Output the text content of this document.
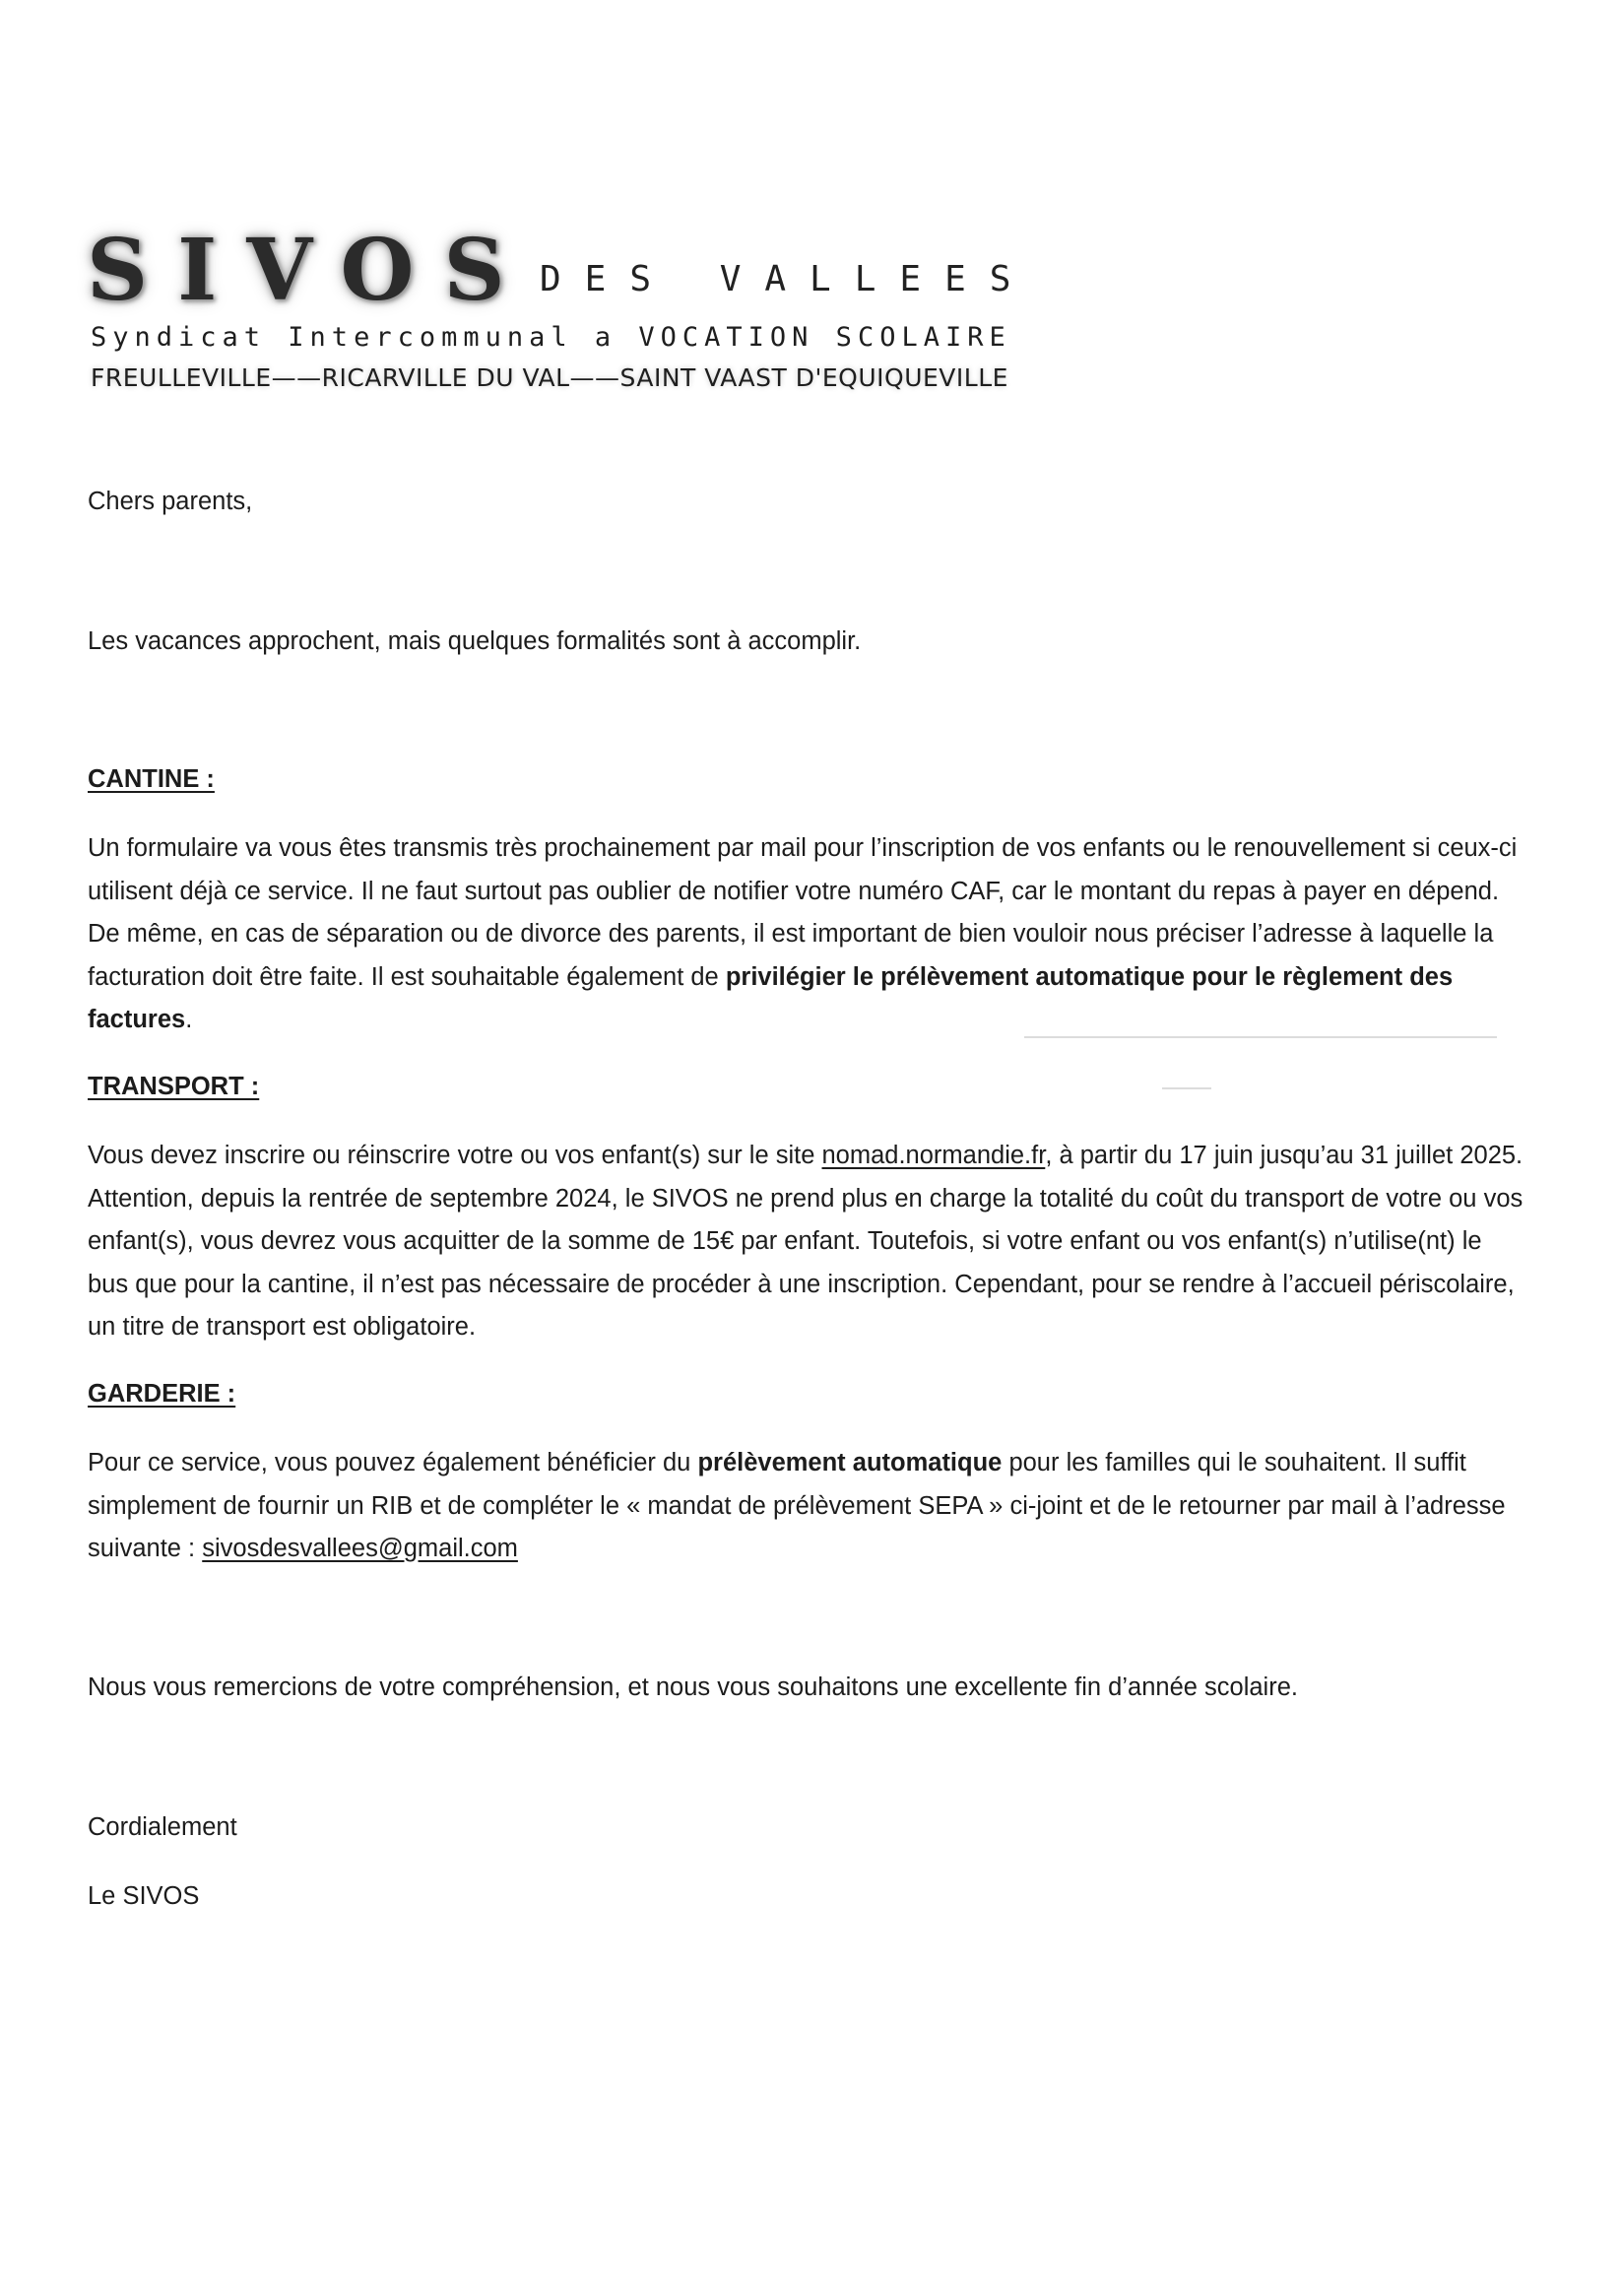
SIVOS DES VALLEES
Syndicat Intercommunal a VOCATION SCOLAIRE
FREULLEVILLE——RICARVILLE DU VAL——SAINT VAAST D'EQUIQUEVILLE
Chers parents,
Les vacances approchent, mais quelques formalités sont à accomplir.
CANTINE :
Un formulaire va vous êtes transmis très prochainement par mail pour l’inscription de vos enfants ou le renouvellement si ceux-ci utilisent déjà ce service. Il ne faut surtout pas oublier de notifier votre numéro CAF, car le montant du repas à payer en dépend. De même, en cas de séparation ou de divorce des parents, il est important de bien vouloir nous préciser l’adresse à laquelle la facturation doit être faite. Il est souhaitable également de privilégier le prélèvement automatique pour le règlement des factures.
TRANSPORT :
Vous devez inscrire ou réinscrire votre ou vos enfant(s) sur le site nomad.normandie.fr, à partir du 17 juin jusqu’au 31 juillet 2025. Attention, depuis la rentrée de septembre 2024, le SIVOS ne prend plus en charge la totalité du coût du transport de votre ou vos enfant(s), vous devrez vous acquitter de la somme de 15€ par enfant. Toutefois, si votre enfant ou vos enfant(s) n’utilise(nt) le bus que pour la cantine, il n’est pas nécessaire de procéder à une inscription. Cependant, pour se rendre à l’accueil périscolaire, un titre de transport est obligatoire.
GARDERIE :
Pour ce service, vous pouvez également bénéficier du prélèvement automatique pour les familles qui le souhaitent. Il suffit simplement de fournir un RIB et de compléter le « mandat de prélèvement SEPA » ci-joint et de le retourner par mail à l’adresse suivante : sivosdesvallees@gmail.com
Nous vous remercions de votre compréhension, et nous vous souhaitons une excellente fin d’année scolaire.
Cordialement
Le SIVOS
